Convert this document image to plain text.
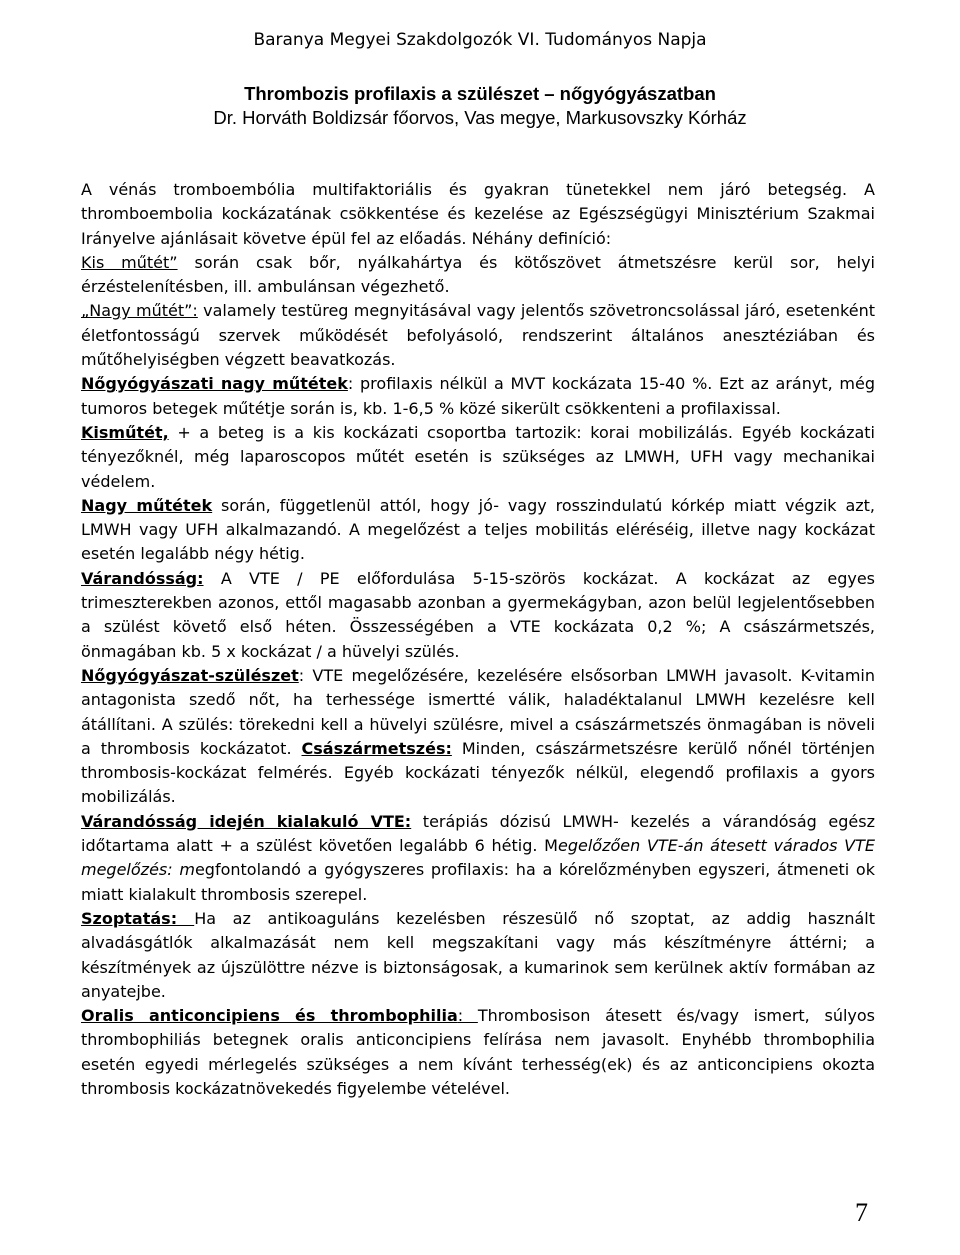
Baranya Megyei Szakdolgozók VI. Tudományos Napja
Thrombozis profilaxis a szülészet – nőgyógyászatban
Dr. Horváth Boldizsár főorvos, Vas megye, Markusovszky Kórház

A vénás tromboembólia multifaktoriális és gyakran tünetekkel nem járó betegség. A thromboembolia kockázatának csökkentése és kezelése az Egészségügyi Minisztérium Szakmai Irányelve ajánlásait követve épül fel az előadás. Néhány definíció:

Kis műtét” során csak bőr, nyálkahártya és kötőszövet átmetszésre kerül sor, helyi érzéstelenítésben, ill. ambulánsan végezhető.

„Nagy műtét”: valamely testüreg megnyitásával vagy jelentős szövetroncsolással járó, esetenként életfontosságú szervek működését befolyásoló, rendszerint általános anesztéziában és műtőhelyiségben végzett beavatkozás.

Nőgyógyászati nagy műtétek: profilaxis nélkül a MVT kockázata 15-40 %. Ezt az arányt, még tumoros betegek műtétje során is, kb. 1-6,5 % közé sikerült csökkenteni a profilaxissal.

Kisműtét, + a beteg is a kis kockázati csoportba tartozik: korai mobilizálás. Egyéb kockázati tényezőknél, még laparoscopos műtét esetén is szükséges az LMWH, UFH vagy mechanikai védelem.

Nagy műtétek során, függetlenül attól, hogy jó- vagy rosszindulatú kórkép miatt végzik azt, LMWH vagy UFH alkalmazandó. A megelőzést a teljes mobilitás eléréséig, illetve nagy kockázat esetén legalább négy hétig.

Várandósság: A VTE / PE előfordulása 5-15-szörös kockázat. A kockázat az egyes trimeszterekben azonos, ettől magasabb azonban a gyermekágyban, azon belül legjelentősebben a szülést követő első héten. Összességében a VTE kockázata 0,2 %; A császármetszés, önmagában kb. 5 x kockázat / a hüvelyi szülés.

Nőgyógyászat-szülészet: VTE megelőzésére, kezelésére elsősorban LMWH javasolt. K-vitamin antagonista szedő nőt, ha terhessége ismertté válik, haladéktalanul LMWH kezelésre kell átállítani. A szülés: törekedni kell a hüvelyi szülésre, mivel a császármetszés önmagában is növeli a thrombosis kockázatot. Császármetszés: Minden, császármetszésre kerülő nőnél történjen thrombosis-kockázat felmérés. Egyéb kockázati tényezők nélkül, elegendő profilaxis a gyors mobilizálás.

Várandósság idején kialakuló VTE: terápiás dózisú LMWH- kezelés a várandóság egész időtartama alatt + a szülést követően legalább 6 hétig. Megelőzően VTE-án átesett várados VTE megelőzés: megfontolandó a gyógyszeres profilaxis: ha a kórelőzményben egyszeri, átmeneti ok miatt kialakult thrombosis szerepel.

Szoptatás: Ha az antikoaguláns kezelésben részesülő nő szoptat, az addig használt alvadásgátlók alkalmazását nem kell megszakítani vagy más készítményre áttérni; a készítmények az újszülöttre nézve is biztonságosak, a kumarinok sem kerülnek aktív formában az anyatejbe.

Oralis anticoncipiens és thrombophilia: Thrombosison átesett és/vagy ismert, súlyos thrombophiliás betegnek oralis anticoncipiens felírása nem javasolt. Enyhébb thrombophilia esetén egyedi mérlegelés szükséges a nem kívánt terhesség(ek) és az anticoncipiens okozta thrombosis kockázatnövekedés figyelembe vételével.

7
